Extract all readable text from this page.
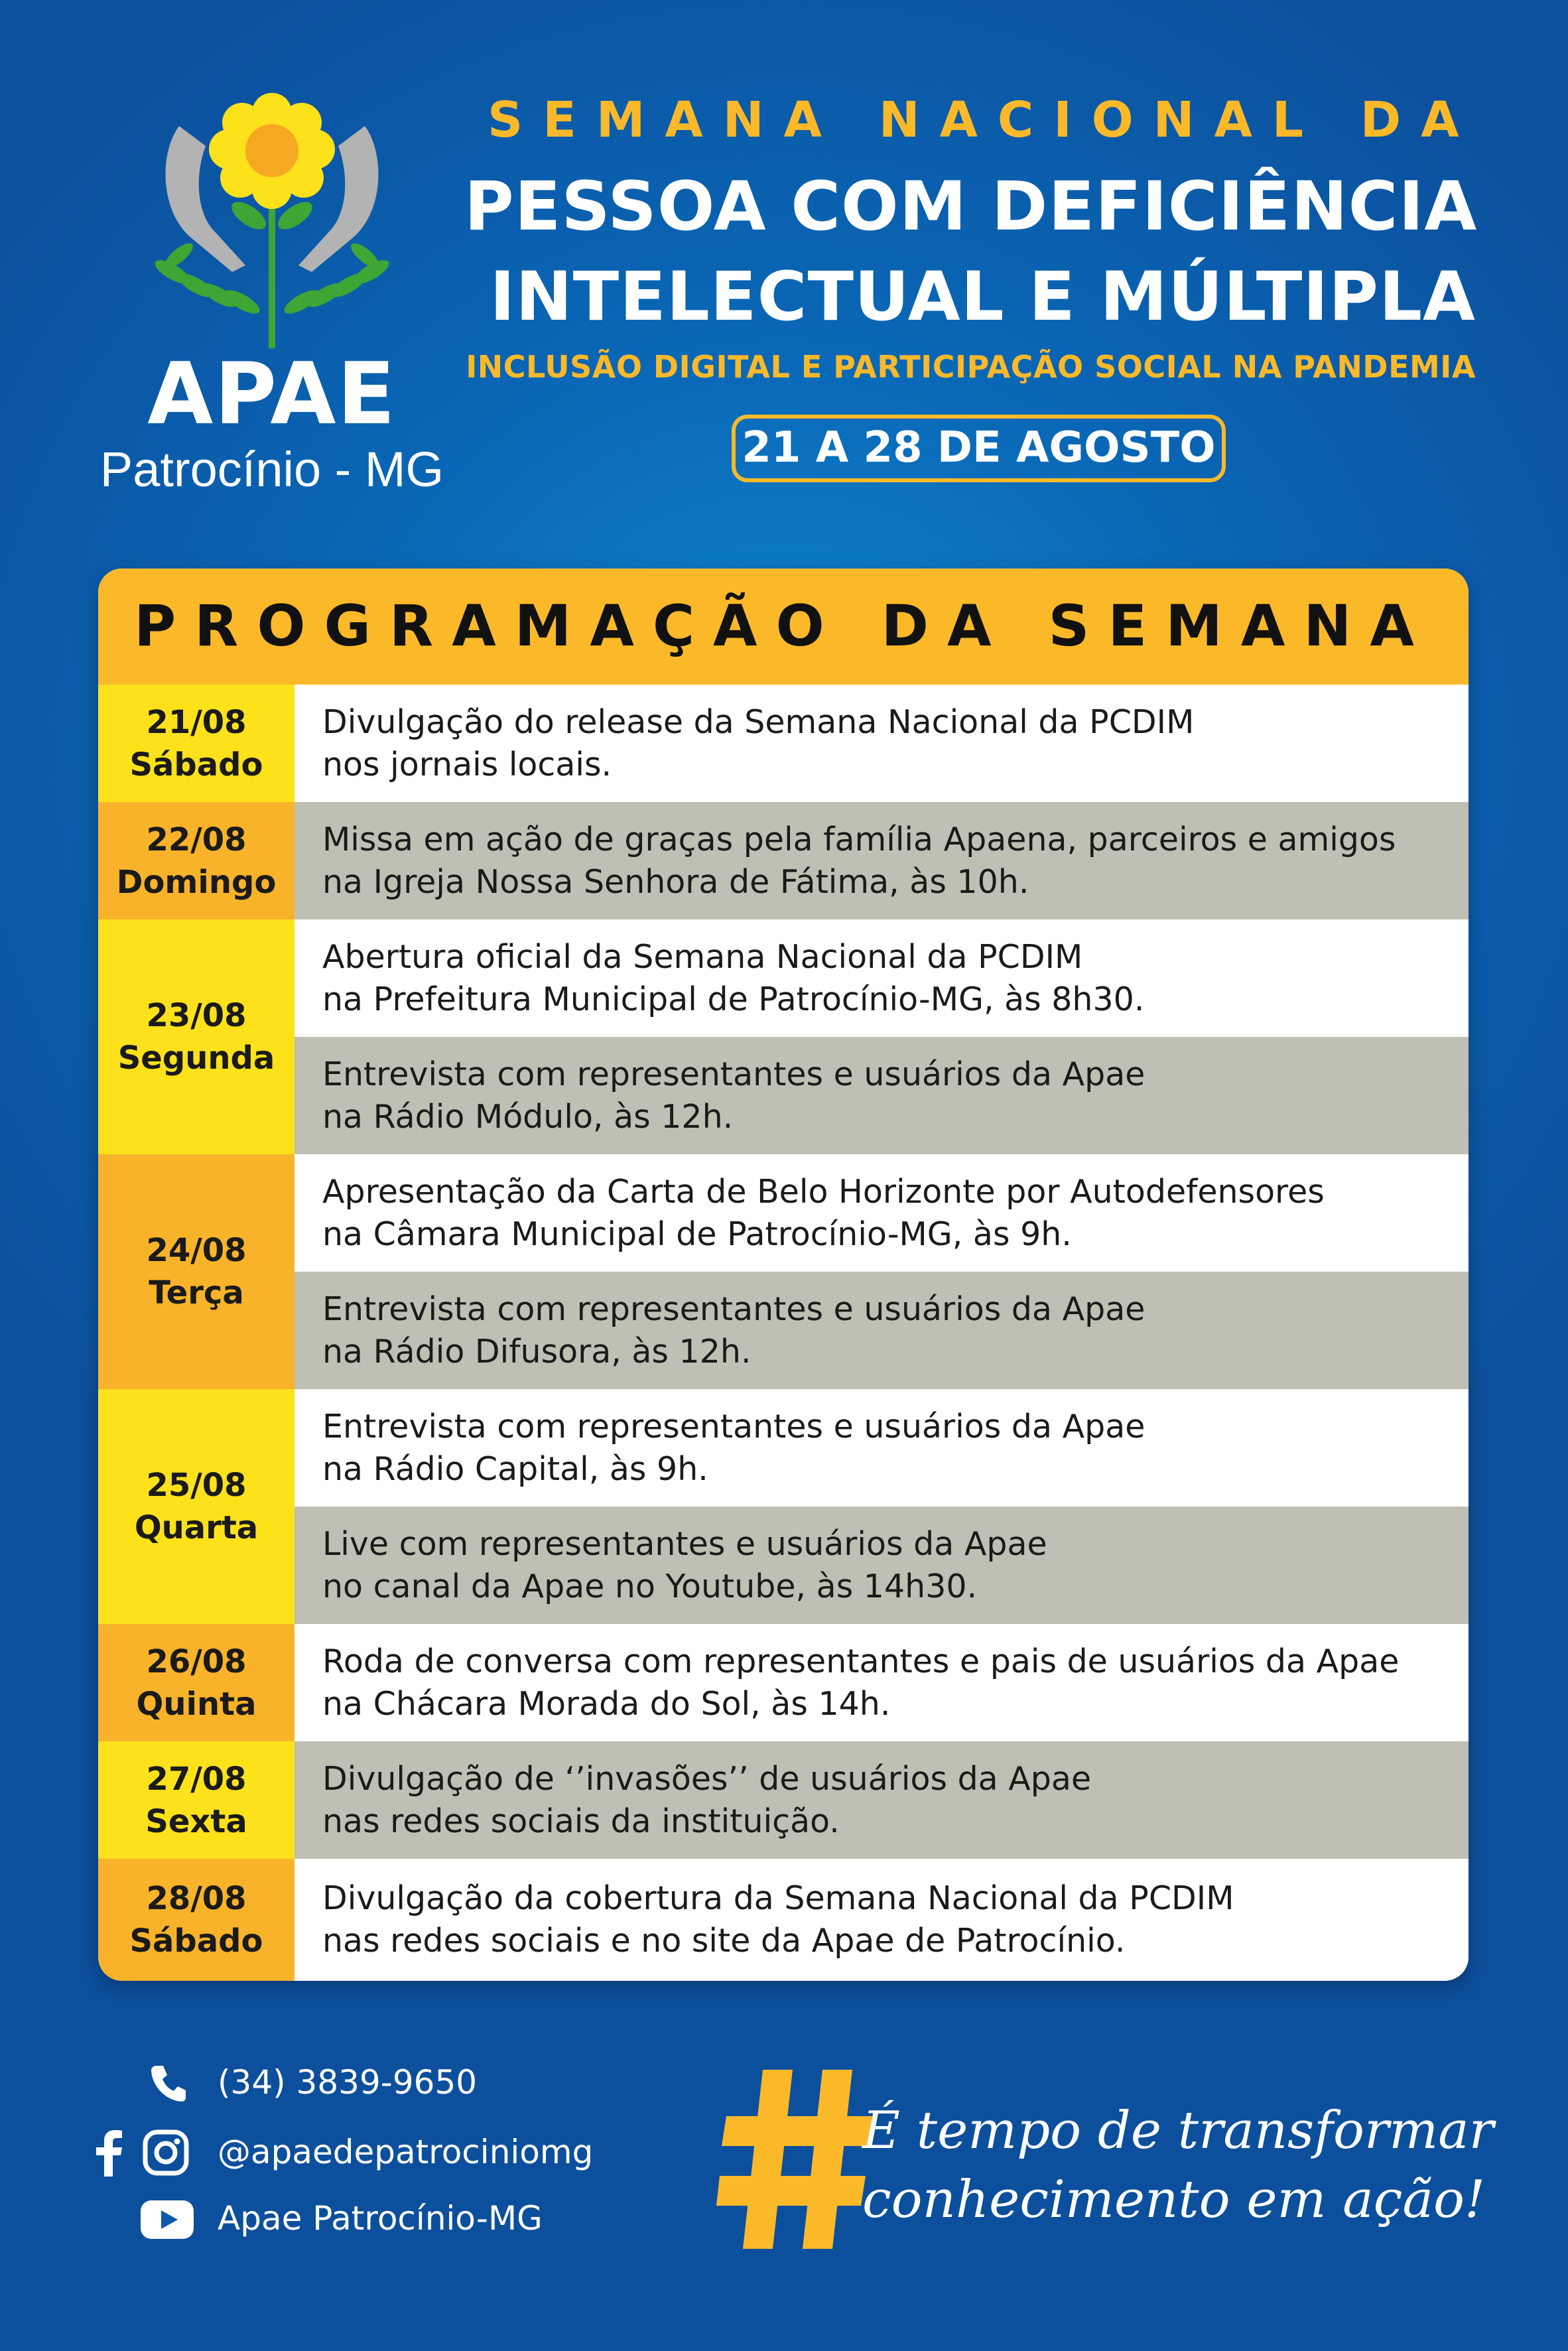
APAE
Patrocínio - MG
SEMANA NACIONAL DA
PESSOA COM DEFICIÊNCIA
INTELECTUAL E MÚLTIPLA
INCLUSÃO DIGITAL E PARTICIPAÇÃO SOCIAL NA PANDEMIA
21 A 28 DE AGOSTO
PROGRAMAÇÃO DA SEMANA
21/08
Sábado
Divulgação do release da Semana Nacional da PCDIM
nos jornais locais.
22/08
Domingo
Missa em ação de graças pela família Apaena, parceiros e amigos
na Igreja Nossa Senhora de Fátima, às 10h.
23/08
Segunda
Abertura oficial da Semana Nacional da PCDIM
na Prefeitura Municipal de Patrocínio-MG, às 8h30.
Entrevista com representantes e usuários da Apae
na Rádio Módulo, às 12h.
24/08
Terça
Apresentação da Carta de Belo Horizonte por Autodefensores
na Câmara Municipal de Patrocínio-MG, às 9h.
Entrevista com representantes e usuários da Apae
na Rádio Difusora, às 12h.
25/08
Quarta
Entrevista com representantes e usuários da Apae
na Rádio Capital, às 9h.
Live com representantes e usuários da Apae
no canal da Apae no Youtube, às 14h30.
26/08
Quinta
Roda de conversa com representantes e pais de usuários da Apae
na Chácara Morada do Sol, às 14h.
27/08
Sexta
Divulgação de ‘’invasões’’ de usuários da Apae
nas redes sociais da instituição.
28/08
Sábado
Divulgação da cobertura da Semana Nacional da PCDIM
nas redes sociais e no site da Apae de Patrocínio.
(34) 3839-9650
@apaedepatrociniomg
Apae Patrocínio-MG
É tempo de transformar
conhecimento em ação!
